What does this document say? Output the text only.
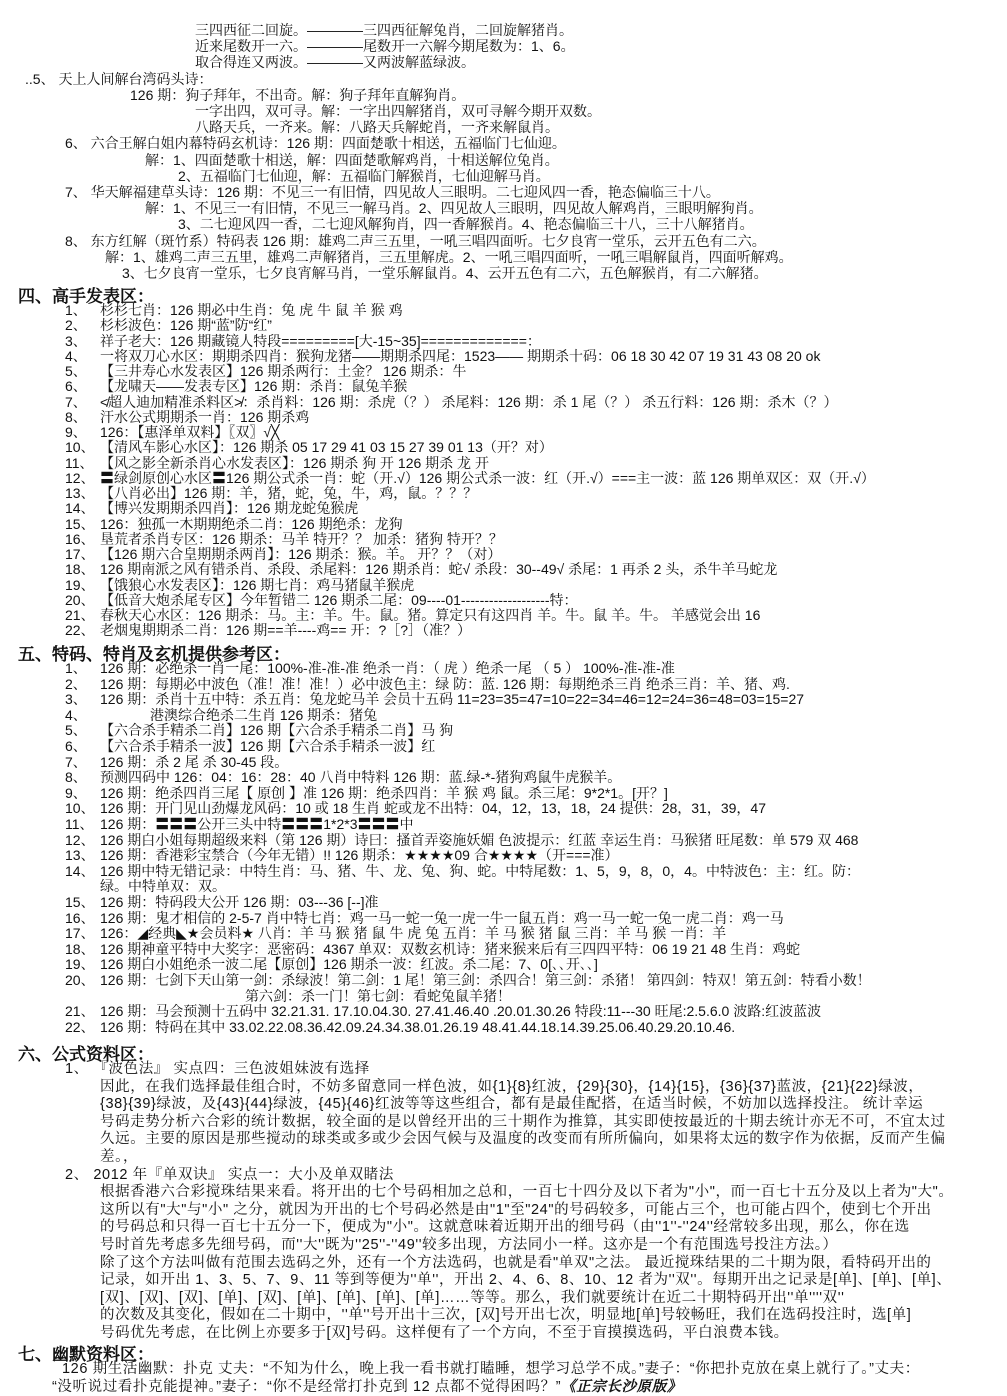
三四西征二回旋。————三四西征解兔肖，二回旋解猪肖。
近来尾数开一六。————尾数开一六解今期尾数为：1、6。
取合得连又两波。————又两波解蓝绿波。
..5、 天上人间解台湾码头诗：
126 期：狗子拜年，不出奇。解：狗子拜年直解狗肖。
一字出四，双可寻。解：一字出四解猪肖，双可寻解今期开双数。
八路天兵，一齐来。解：八路天兵解蛇肖，一齐来解鼠肖。
6、 六合王解白姐内幕特码玄机诗：126 期：四面楚歌十相送，五福临门七仙迎。
解：1、四面楚歌十相送，解：四面楚歌解鸡肖，十相送解位兔肖。
2、五福临门七仙迎，解：五福临门解猴肖，七仙迎解马肖。
7、 华天解福建草头诗：126 期：不见三一有旧情，四见故人三眼明。二七迎风四一香，艳态偏临三十八。
解：1、不见三一有旧情，不见三一解马肖。2、四见故人三眼明，四见故人解鸡肖，三眼明解狗肖。
3、二七迎风四一香，二七迎风解狗肖，四一香解猴肖。4、艳态偏临三十八，三十八解猪肖。
8、 东方红解（斑竹系）特码表 126 期：雄鸡二声三五里，一吼三唱四面听。七夕良宵一堂乐，云开五色有二六。
解：1、雄鸡二声三五里，雄鸡二声解猪肖，三五里解虎。2、一吼三唱四面听，一吼三唱解鼠肖，四面听解鸡。
3、七夕良宵一堂乐，七夕良宵解马肖，一堂乐解鼠肖。4、云开五色有二六，五色解猴肖，有二六解猪。
四、高手发表区：
1、 杉杉七肖：126 期必中生肖：兔 虎 牛 鼠 羊 猴 鸡
2、 杉杉波色：126 期“蓝”防“红”
3、 祥子老大：126 期藏镜人特段=========[大-15~35]=============：
4、 一将双刀心水区：期期杀四肖：猴狗龙猪——期期杀四尾：1523—— 期期杀十码：06 18 30 42 07 19 31 43 08 20 ok
5、 【三井寿心水发表区】126 期杀两行：土金？ 126 期杀：牛
6、 【龙啸天——发表专区】126 期：杀肖：鼠兔羊猴
7、 ≮超人迪加精准杀料区≯：杀肖料：126 期：杀虎（？） 杀尾料：126 期：杀 1 尾（？） 杀五行料：126 期：杀木（？）
8、 汗水公式期期杀一肖：126 期杀鸡
9、 126：【惠泽单双料】〖双〗√╳
10、 【清风车影心水区】：126 期杀 05 17 29 41 03 15 27 39 01 13（开？对）
11、 【风之影全新杀肖心水发表区】：126 期杀 狗 开 126 期杀 龙 开
12、 〓绿剑原创心水区〓126 期公式杀一肖：蛇（开.√）126 期公式杀一波：红（开.√）===主一波：蓝 126 期单双区：双（开.√）
13、 【八肖必出】126 期：羊，猪，蛇，兔，牛，鸡，鼠。？？？
14、 【博兴发期期杀四肖】：126 期龙蛇兔猴虎
15、 126：独孤一木期期绝杀二肖：126 期绝杀：龙狗
16、 垦荒者杀肖专区：126 期杀：马羊 特开？？ 加杀：猪狗 特开？？
17、 【126 期六合皇期期杀两肖】：126 期杀：猴。羊。 开？？（对）
18、 126 期南派之风有错杀肖、杀段、杀尾料：126 期杀肖：蛇√ 杀段：30--49√ 杀尾：1 再杀 2 头，杀牛羊马蛇龙
19、 【饿狼心水发表区】：126 期七肖：鸡马猪鼠羊猴虎
20、 【低音大炮杀尾专区】今年暂错二 126 期杀二尾：09----01-------------------特：
21、 春秋天心水区：126 期杀：马。主：羊。牛。鼠。猪。算定只有这四肖 羊。牛。鼠 羊。牛。 羊感觉会出 16
22、 老烟鬼期期杀二肖：126 期==羊----鸡== 开：?［?］（准？）
五、特码、特肖及玄机提供参考区：
1、 126 期：必绝杀一肖一尾：100%-准-准-准 绝杀一肖：（ 虎 ）绝杀一尾 （ 5 ） 100%-准-准-准
2、 126 期：每期必中波色（准！准！准！）必中波色主：绿 防：蓝. 126 期：每期绝杀三肖 绝杀三肖：羊、猪、鸡.
3、 126 期：杀肖十五中特：杀五肖：兔龙蛇马羊 会员十五码 11=23=35=47=10=22=34=46=12=24=36=48=03=15=27
4、	港澳综合绝杀二生肖 126 期杀：猪兔
5、 【六合杀手精杀二肖】126 期【六合杀手精杀二肖】马 狗
6、 【六合杀手精杀一波】126 期【六合杀手精杀一波】红
7、 126 期：杀 2 尾 杀 30-45 段。
8、 预测四码中 126：04：16：28：40 八肖中特料 126 期：蓝.绿-*-猪狗鸡鼠牛虎猴羊。
9、 126 期：绝杀四肖三尾【 原创 】准 126 期：绝杀四肖：羊 猴 鸡 鼠。杀三尾：9*2*1。[开？]
10、 126 期：开门见山劲爆龙风码：10 或 18 生肖 蛇或龙不出特：04，12，13，18，24 提供：28，31，39，47
11、 126 期：〓〓〓公开三头中特〓〓〓1*2*3〓〓〓中
12、 126 期白小姐每期超级来料（第 126 期）诗曰：搔首弄姿施妖媚 色波提示：红蓝 幸运生肖：马猴猪 旺尾数：单 579 双 468
13、 126 期：香港彩宝禁合（今年无错）!! 126 期杀：★★★★09 合★★★★（开===准）
14、 126 期中特无错记录：中特生肖：马、猪、牛、龙、兔、狗、蛇。中特尾数：1、5，9，8，0，4。中特波色：主：红。防：
绿。中特单双：双。
15、 126 期：特码段大公开 126 期：03---36 [--]准
16、 126 期：鬼才相信的 2-5-7 肖中特七肖：鸡一马一蛇一兔一虎一牛一鼠五肖：鸡一马一蛇一兔一虎二肖：鸡一马
17、 126：◢经典◣★会员料★ 八肖：羊 马 猴 猪 鼠 牛 虎 兔 五肖：羊 马 猴 猪 鼠 三肖：羊 马 猴 一肖：羊
18、 126 期神童平特中大奖字：恶密码：4367 单双：双数玄机诗：猪来猴来后有三四四平特：06 19 21 48 生肖：鸡蛇
19、 126 期白小姐绝杀一波二尾【原创】126 期杀一波：红波。杀二尾：7、0[､､开､､]
20、 126 期：七剑下天山第一剑：杀绿波！第二剑：1 尾！第三剑：杀四合！第三剑：杀猪！ 第四剑：特双！第五剑：特看小数！
第六剑：杀一门！第七剑：看蛇兔鼠羊猪！
21、 126 期：马会预测十五码中 32.21.31. 17.10.04.30. 27.41.46.40 .20.01.30.26 特段:11---30 旺尾:2.5.6.0 波路:红波蓝波
22、 126 期：特码在其中 33.02.22.08.36.42.09.24.34.38.01.26.19 48.41.44.18.14.39.25.06.40.29.20.10.46.
六、公式资料区：
1、 『波色法』 实点四：三色波姐妹波有选择
因此，在我们选择最佳组合时，不妨多留意同一样色波，如{1}{8}红波，{29}{30}，{14}{15}，{36}{37}蓝波，{21}{22}绿波，
{38}{39}绿波，及{43}{44}绿波，{45}{46}红波等等这些组合，都有是最佳配搭，在适当时候，不妨加以选择投注。 统计幸运
号码走势分析六合彩的统计数据，较全面的是以曾经开出的三十期作为推算，其实即使按最近的十期去统计亦无不可，不宜太过
久远。主要的原因是那些搅动的球类或多或少会因气候与及温度的改变而有所所偏向，如果将太远的数字作为依据，反而产生偏
差。，
2、 2012 年『单双诀』 实点一：大小及单双睹法
根据香港六合彩搅珠结果来看。将开出的七个号码相加之总和，一百七十四分及以下者为"小"，而一百七十五分及以上者为"大"。
这所以有"大"与"小" 之分，就因为开出的七个号码必然是由"1"至"24"的号码较多，可能占三个，也可能占四个，使到七个开出
的号码总和只得一百七十五分一下，便成为"小"。这就意味着近期开出的细号码（由''1''-''24''经常较多出现，那么，你在选
号时首先考虑多先细号码，而''大''既为''25''-''49''较多出现，方法同小一样。这亦是一个有范围选号投注方法。）
除了这个方法叫做有范围去选码之外，还有一个方法选码，也就是看"单双"之法。 最近搅珠结果的二十期为限，看特码开出的
记录，如开出 1、3、5、7、9、11 等到等便为''单''，开出 2、4、6、8、10、12 者为''双''。每期开出之记录是[单]、[单]、[单]、
[双]、[双]、[双]、[单]、[双]、[单]、[单]、[单]、[单]……等等。那么，我们就要统计在近二十期特码开出''单''''双''
的次数及其变化，假如在二十期中，''单''号开出十三次，[双]号开出七次，明显地[单]号较畅旺，我们在选码投注时，选[单]
号码优先考虑，在比例上亦要多于[双]号码。这样便有了一个方向，不至于盲摸摸选码，平白浪费本钱。
七、幽默资料区：
126 期生活幽默：扑克 丈夫：“不知为什么，晚上我一看书就打瞌睡，想学习总学不成。”妻子：“你把扑克放在桌上就行了。”丈夫：
“没听说过看扑克能提神。”妻子：“你不是经常打扑克到 12 点都不觉得困吗？”《正宗长沙原版》
